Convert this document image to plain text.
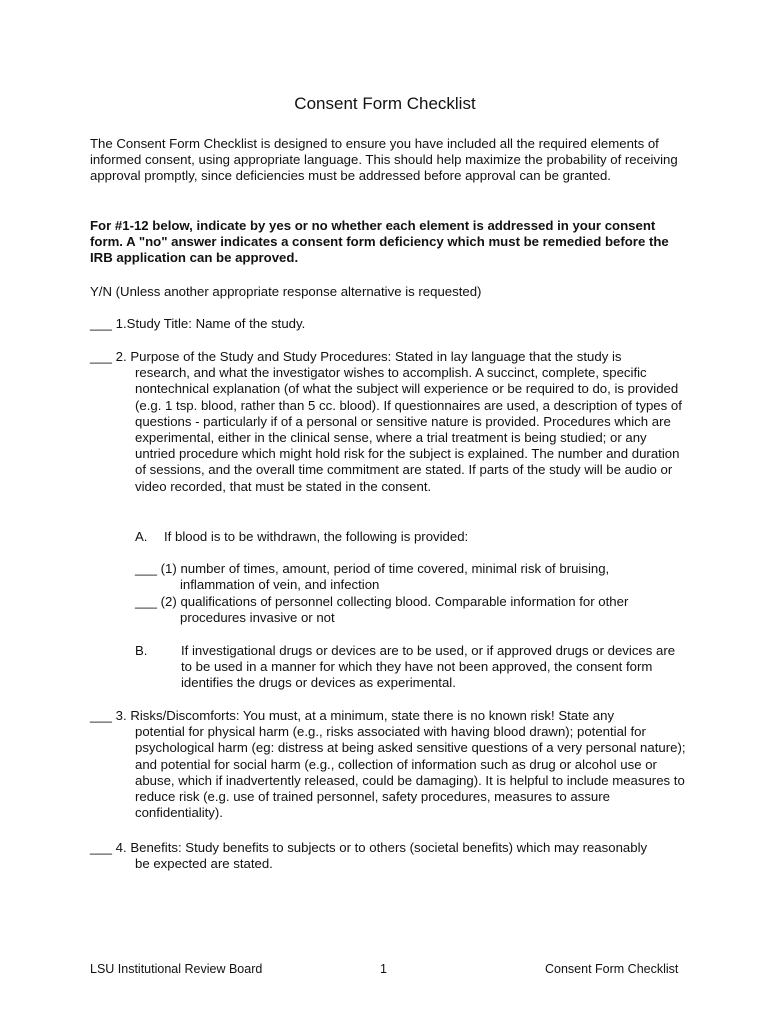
Consent Form Checklist
The Consent Form Checklist is designed to ensure you have included all the required elements of informed consent, using appropriate language. This should help maximize the probability of receiving approval promptly, since deficiencies must be addressed before approval can be granted.
For #1-12 below, indicate by yes or no whether each element is addressed in your consent form. A "no" answer indicates a consent form deficiency which must be remedied before the IRB application can be approved.
Y/N (Unless another appropriate response alternative is requested)
___ 1.Study Title: Name of the study.
___ 2. Purpose of the Study and Study Procedures: Stated in lay language that the study is
research, and what the investigator wishes to accomplish. A succinct, complete, specific nontechnical explanation (of what the subject will experience or be required to do, is provided (e.g. 1 tsp. blood, rather than 5 cc. blood). If questionnaires are used, a description of types of questions - particularly if of a personal or sensitive nature is provided. Procedures which are experimental, either in the clinical sense, where a trial treatment is being studied; or any untried procedure which might hold risk for the subject is explained. The number and duration of sessions, and the overall time commitment are stated. If parts of the study will be audio or video recorded, that must be stated in the consent.
A. If blood is to be withdrawn, the following is provided:
___ (1) number of times, amount, period of time covered, minimal risk of bruising,
inflammation of vein, and infection
___ (2) qualifications of personnel collecting blood. Comparable information for other
procedures invasive or not
B.	If investigational drugs or devices are to be used, or if approved drugs or devices are to be used in a manner for which they have not been approved, the consent form identifies the drugs or devices as experimental.
___ 3. Risks/Discomforts: You must, at a minimum, state there is no known risk! State any
potential for physical harm (e.g., risks associated with having blood drawn); potential for psychological harm (eg: distress at being asked sensitive questions of a very personal nature); and potential for social harm (e.g., collection of information such as drug or alcohol use or abuse, which if inadvertently released, could be damaging). It is helpful to include measures to reduce risk (e.g. use of trained personnel, safety procedures, measures to assure confidentiality).
___ 4. Benefits: Study benefits to subjects or to others (societal benefits) which may reasonably
be expected are stated.
LSU Institutional Review Board	1	Consent Form Checklist
